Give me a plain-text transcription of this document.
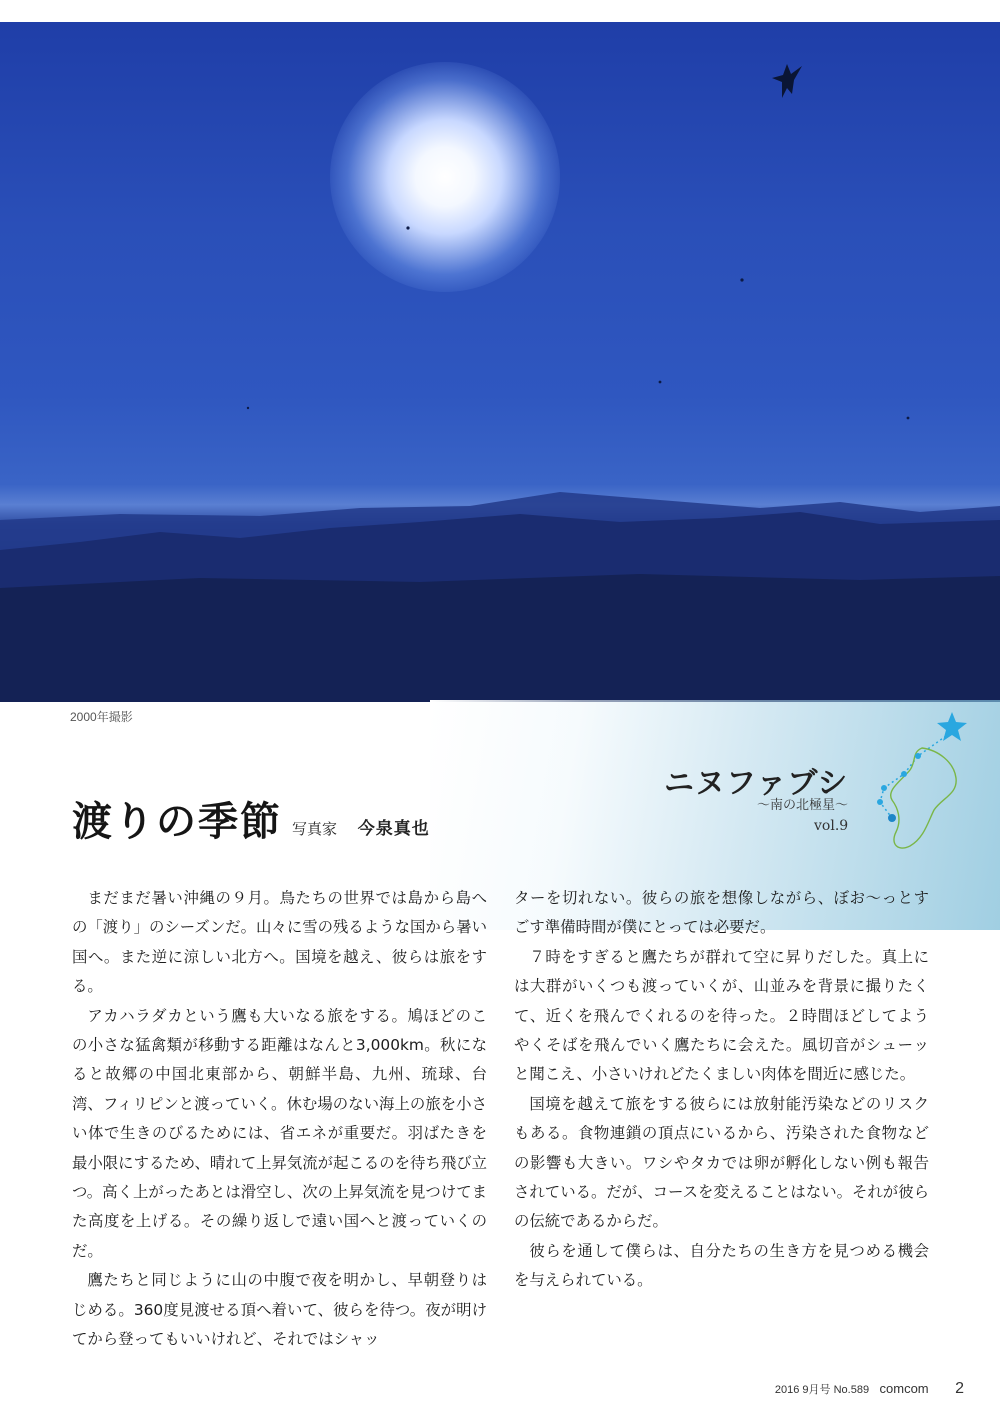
2000年撮影
ニヌファブシ
～南の北極星～
vol.9
渡りの季節 写真家 今泉真也

まだまだ暑い沖縄の９月。鳥たちの世界では島から島への「渡り」のシーズンだ。山々に雪の残るような国から暑い国へ。また逆に涼しい北方へ。国境を越え、彼らは旅をする。

アカハラダカという鷹も大いなる旅をする。鳩ほどのこの小さな猛禽類が移動する距離はなんと3,000km。秋になると故郷の中国北東部から、朝鮮半島、九州、琉球、台湾、フィリピンと渡っていく。休む場のない海上の旅を小さい体で生きのびるためには、省エネが重要だ。羽ばたきを最小限にするため、晴れて上昇気流が起こるのを待ち飛び立つ。高く上がったあとは滑空し、次の上昇気流を見つけてまた高度を上げる。その繰り返しで遠い国へと渡っていくのだ。

鷹たちと同じように山の中腹で夜を明かし、早朝登りはじめる。360度見渡せる頂へ着いて、彼らを待つ。夜が明けてから登ってもいいけれど、それではシャッ

ターを切れない。彼らの旅を想像しながら、ぼお～っとすごす準備時間が僕にとっては必要だ。

７時をすぎると鷹たちが群れて空に昇りだした。真上には大群がいくつも渡っていくが、山並みを背景に撮りたくて、近くを飛んでくれるのを待った。２時間ほどしてようやくそばを飛んでいく鷹たちに会えた。風切音がシューッと聞こえ、小さいけれどたくましい肉体を間近に感じた。

国境を越えて旅をする彼らには放射能汚染などのリスクもある。食物連鎖の頂点にいるから、汚染された食物などの影響も大きい。ワシやタカでは卵が孵化しない例も報告されている。だが、コースを変えることはない。それが彼らの伝統であるからだ。

彼らを通して僕らは、自分たちの生き方を見つめる機会を与えられている。

2016 9月号 No.589 comcom 2
